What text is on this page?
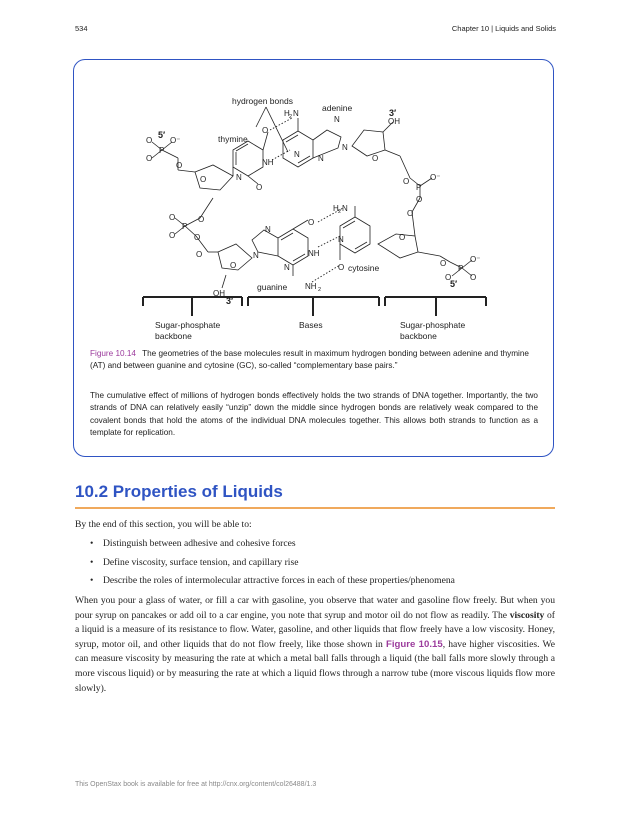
534	Chapter 10 | Liquids and Solids
O
NH
O
N
O
P
O
O
O⁻
O
O
N N
N
N
O
O
P
O⁻
O
O
P
O
O O
O
O
N
N
N
O
NH
N
O
O
O
P
O⁻
O
O
hydrogen bonds
adenine
thymine
guanine
cytosine
H 2 N
OH
OH
H 2 N
NH 2
5′
3′
3′
5′
Sugar-phosphate
backbone
Bases	Sugar-phosphate
backbone
Figure 10.14 The geometries of the base molecules result in maximum hydrogen bonding between adenine and thymine (AT) and between guanine and cytosine (GC), so-called “complementary base pairs.”
The cumulative effect of millions of hydrogen bonds effectively holds the two strands of DNA together. Importantly, the two strands of DNA can relatively easily “unzip” down the middle since hydrogen bonds are relatively weak compared to the covalent bonds that hold the atoms of the individual DNA molecules together. This allows both strands to function as a template for replication.
10.2 Properties of Liquids
By the end of this section, you will be able to:
• Distinguish between adhesive and cohesive forces
• Define viscosity, surface tension, and capillary rise
• Describe the roles of intermolecular attractive forces in each of these properties/phenomena

When you pour a glass of water, or fill a car with gasoline, you observe that water and gasoline flow freely. But when you pour syrup on pancakes or add oil to a car engine, you note that syrup and motor oil do not flow as readily. The viscosity of a liquid is a measure of its resistance to flow. Water, gasoline, and other liquids that flow freely have a low viscosity. Honey, syrup, motor oil, and other liquids that do not flow freely, like those shown in Figure 10.15, have higher viscosities. We can measure viscosity by measuring the rate at which a metal ball falls through a liquid (the ball falls more slowly through a more viscous liquid) or by measuring the rate at which a liquid flows through a narrow tube (more viscous liquids flow more slowly).

This OpenStax book is available for free at http://cnx.org/content/col26488/1.3
